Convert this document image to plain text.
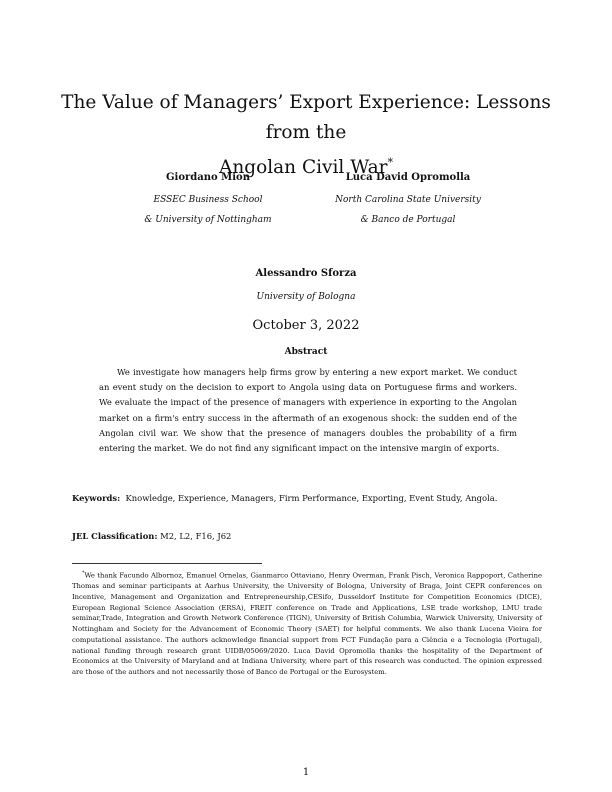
The Value of Managers’ Export Experience: Lessons from the
Angolan Civil War*
Giordano Mion
ESSEC Business School
& University of Nottingham
Luca David Opromolla
North Carolina State University
& Banco de Portugal
Alessandro Sforza
University of Bologna
October 3, 2022
Abstract

We investigate how managers help firms grow by entering a new export market. We conduct an event study on the decision to export to Angola using data on Portuguese firms and workers. We evaluate the impact of the presence of managers with experience in exporting to the Angolan market on a firm's entry success in the aftermath of an exogenous shock: the sudden end of the Angolan civil war. We show that the presence of managers doubles the probability of a firm entering the market. We do not find any significant impact on the intensive margin of exports.

Keywords: Knowledge, Experience, Managers, Firm Performance, Exporting, Event Study, Angola.

JEL Classification: M2, L2, F16, J62

*We thank Facundo Albornoz, Emanuel Ornelas, Gianmarco Ottaviano, Henry Overman, Frank Pisch, Veronica Rappoport, Catherine Thomas and seminar participants at Aarhus University, the University of Bologna, University of Braga, Joint CEPR conferences on Incentive, Management and Organization and Entrepreneurship,CESifo, Dusseldorf Institute for Competition Economics (DICE), European Regional Science Association (ERSA), FREIT conference on Trade and Applications, LSE trade workshop, LMU trade seminar,Trade, Integration and Growth Network Conference (TIGN), University of British Columbia, Warwick University, University of Nottingham and Society for the Advancement of Economic Theory (SAET) for helpful comments. We also thank Lucena Vieira for computational assistance. The authors acknowledge financial support from FCT Fundação para a Ciência e a Tecnologia (Portugal), national funding through research grant UIDB/05069/2020. Luca David Opromolla thanks the hospitality of the Department of Economics at the University of Maryland and at Indiana University, where part of this research was conducted. The opinion expressed are those of the authors and not necessarily those of Banco de Portugal or the Eurosystem.

1
